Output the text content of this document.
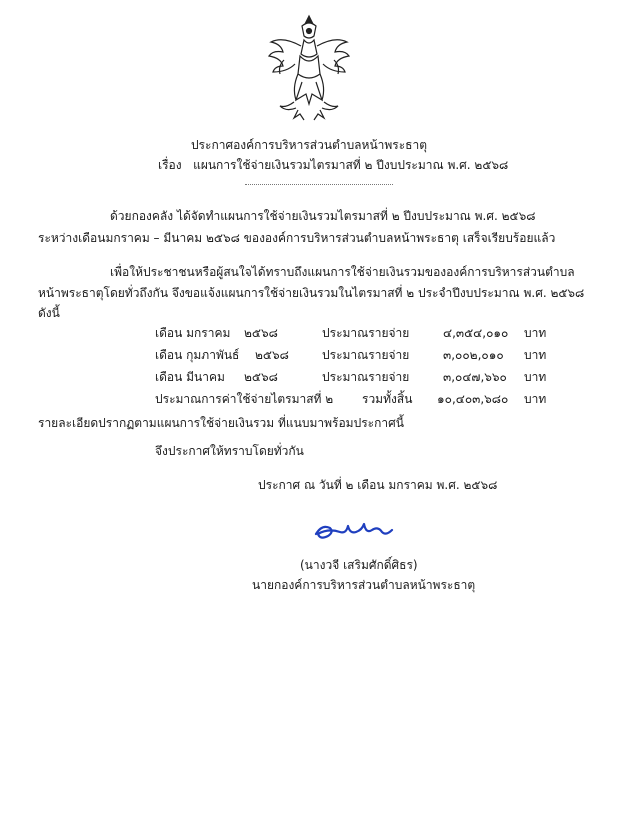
ประกาศองค์การบริหารส่วนตำบลหน้าพระธาตุ
เรื่อง แผนการใช้จ่ายเงินรวมไตรมาสที่ ๒ ปีงบประมาณ พ.ศ. ๒๕๖๘
ด้วยกองคลัง ได้จัดทำแผนการใช้จ่ายเงินรวมไตรมาสที่ ๒ ปีงบประมาณ พ.ศ. ๒๕๖๘
ระหว่างเดือนมกราคม – มีนาคม ๒๕๖๘ ขององค์การบริหารส่วนตำบลหน้าพระธาตุ เสร็จเรียบร้อยแล้ว
เพื่อให้ประชาชนหรือผู้สนใจได้ทราบถึงแผนการใช้จ่ายเงินรวมขององค์การบริหารส่วนตำบล
หน้าพระธาตุโดยทั่วถึงกัน จึงขอแจ้งแผนการใช้จ่ายเงินรวมในไตรมาสที่ ๒ ประจำปีงบประมาณ พ.ศ. ๒๕๖๘
ดังนี้
เดือน มกราคม ๒๕๖๘	ประมาณรายจ่าย	๔,๓๕๔,๐๑๐ บาท
เดือน กุมภาพันธ์ ๒๕๖๘	ประมาณรายจ่าย	๓,๐๐๒,๐๑๐ บาท
เดือน มีนาคม ๒๕๖๘	ประมาณรายจ่าย	๓,๐๔๗,๖๖๐ บาท
ประมาณการค่าใช้จ่ายไตรมาสที่ ๒ รวมทั้งสิ้น ๑๐,๔๐๓,๖๘๐ บาท
รายละเอียดปรากฏตามแผนการใช้จ่ายเงินรวม ที่แนบมาพร้อมประกาศนี้
จึงประกาศให้ทราบโดยทั่วกัน
ประกาศ ณ วันที่ ๒ เดือน มกราคม พ.ศ. ๒๕๖๘
(นางวจี เสริมศักดิ์ศิธร)
นายกองค์การบริหารส่วนตำบลหน้าพระธาตุ
